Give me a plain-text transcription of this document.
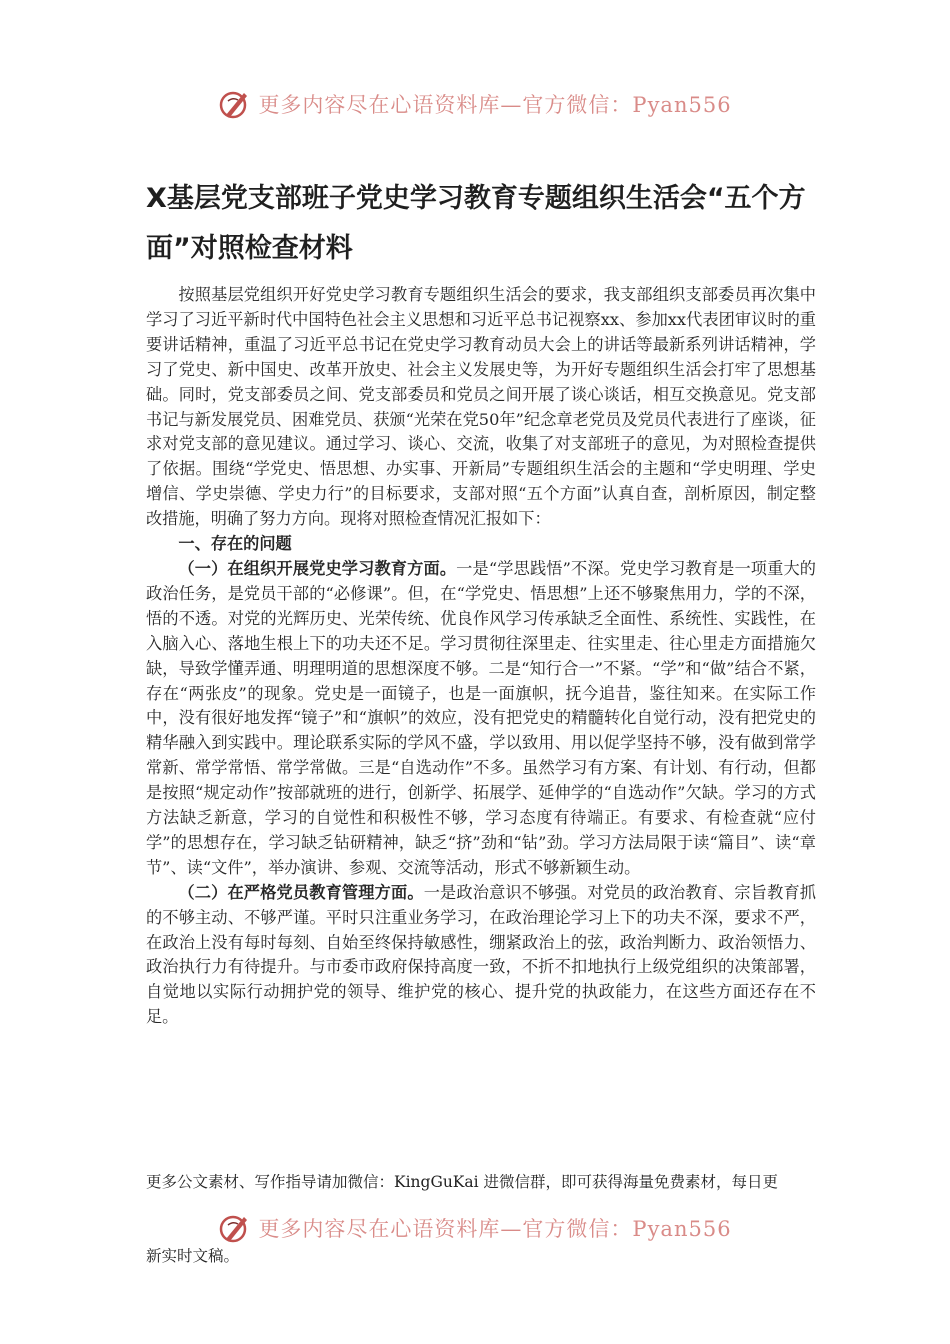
更多内容尽在心语资料库—官方微信：Pyan556
X基层党支部班子党史学习教育专题组织生活会“五个方面”对照检查材料

按照基层党组织开好党史学习教育专题组织生活会的要求，我支部组织支部委员再次集中学习了习近平新时代中国特色社会主义思想和习近平总书记视察xx、参加xx代表团审议时的重要讲话精神，重温了习近平总书记在党史学习教育动员大会上的讲话等最新系列讲话精神，学习了党史、新中国史、改革开放史、社会主义发展史等，为开好专题组织生活会打牢了思想基础。同时，党支部委员之间、党支部委员和党员之间开展了谈心谈话，相互交换意见。党支部书记与新发展党员、困难党员、获颁“光荣在党50年”纪念章老党员及党员代表进行了座谈，征求对党支部的意见建议。通过学习、谈心、交流，收集了对支部班子的意见，为对照检查提供了依据。围绕“学党史、悟思想、办实事、开新局”专题组织生活会的主题和“学史明理、学史增信、学史崇德、学史力行”的目标要求，支部对照“五个方面”认真自查，剖析原因，制定整改措施，明确了努力方向。现将对照检查情况汇报如下：

一、存在的问题

（一）在组织开展党史学习教育方面。一是“学思践悟”不深。党史学习教育是一项重大的政治任务，是党员干部的“必修课”。但，在“学党史、悟思想”上还不够聚焦用力，学的不深，悟的不透。对党的光辉历史、光荣传统、优良作风学习传承缺乏全面性、系统性、实践性，在入脑入心、落地生根上下的功夫还不足。学习贯彻往深里走、往实里走、往心里走方面措施欠缺，导致学懂弄通、明理明道的思想深度不够。二是“知行合一”不紧。“学”和“做”结合不紧，存在“两张皮”的现象。党史是一面镜子，也是一面旗帜，抚今追昔，鉴往知来。在实际工作中，没有很好地发挥“镜子”和“旗帜”的效应，没有把党史的精髓转化自觉行动，没有把党史的精华融入到实践中。理论联系实际的学风不盛，学以致用、用以促学坚持不够，没有做到常学常新、常学常悟、常学常做。三是“自选动作”不多。虽然学习有方案、有计划、有行动，但都是按照“规定动作”按部就班的进行，创新学、拓展学、延伸学的“自选动作”欠缺。学习的方式方法缺乏新意，学习的自觉性和积极性不够，学习态度有待端正。有要求、有检查就“应付学”的思想存在，学习缺乏钻研精神，缺乏“挤”劲和“钻”劲。学习方法局限于读“篇目”、读“章节”、读“文件”，举办演讲、参观、交流等活动，形式不够新颖生动。

（二）在严格党员教育管理方面。一是政治意识不够强。对党员的政治教育、宗旨教育抓的不够主动、不够严谨。平时只注重业务学习，在政治理论学习上下的功夫不深，要求不严，在政治上没有每时每刻、自始至终保持敏感性，绷紧政治上的弦，政治判断力、政治领悟力、政治执行力有待提升。与市委市政府保持高度一致，不折不扣地执行上级党组织的决策部署，自觉地以实际行动拥护党的领导、维护党的核心、提升党的执政能力，在这些方面还存在不足。

更多公文素材、写作指导请加微信：KingGuKai 进微信群，即可获得海量免费素材，每日更
更多内容尽在心语资料库—官方微信：Pyan556
新实时文稿。
